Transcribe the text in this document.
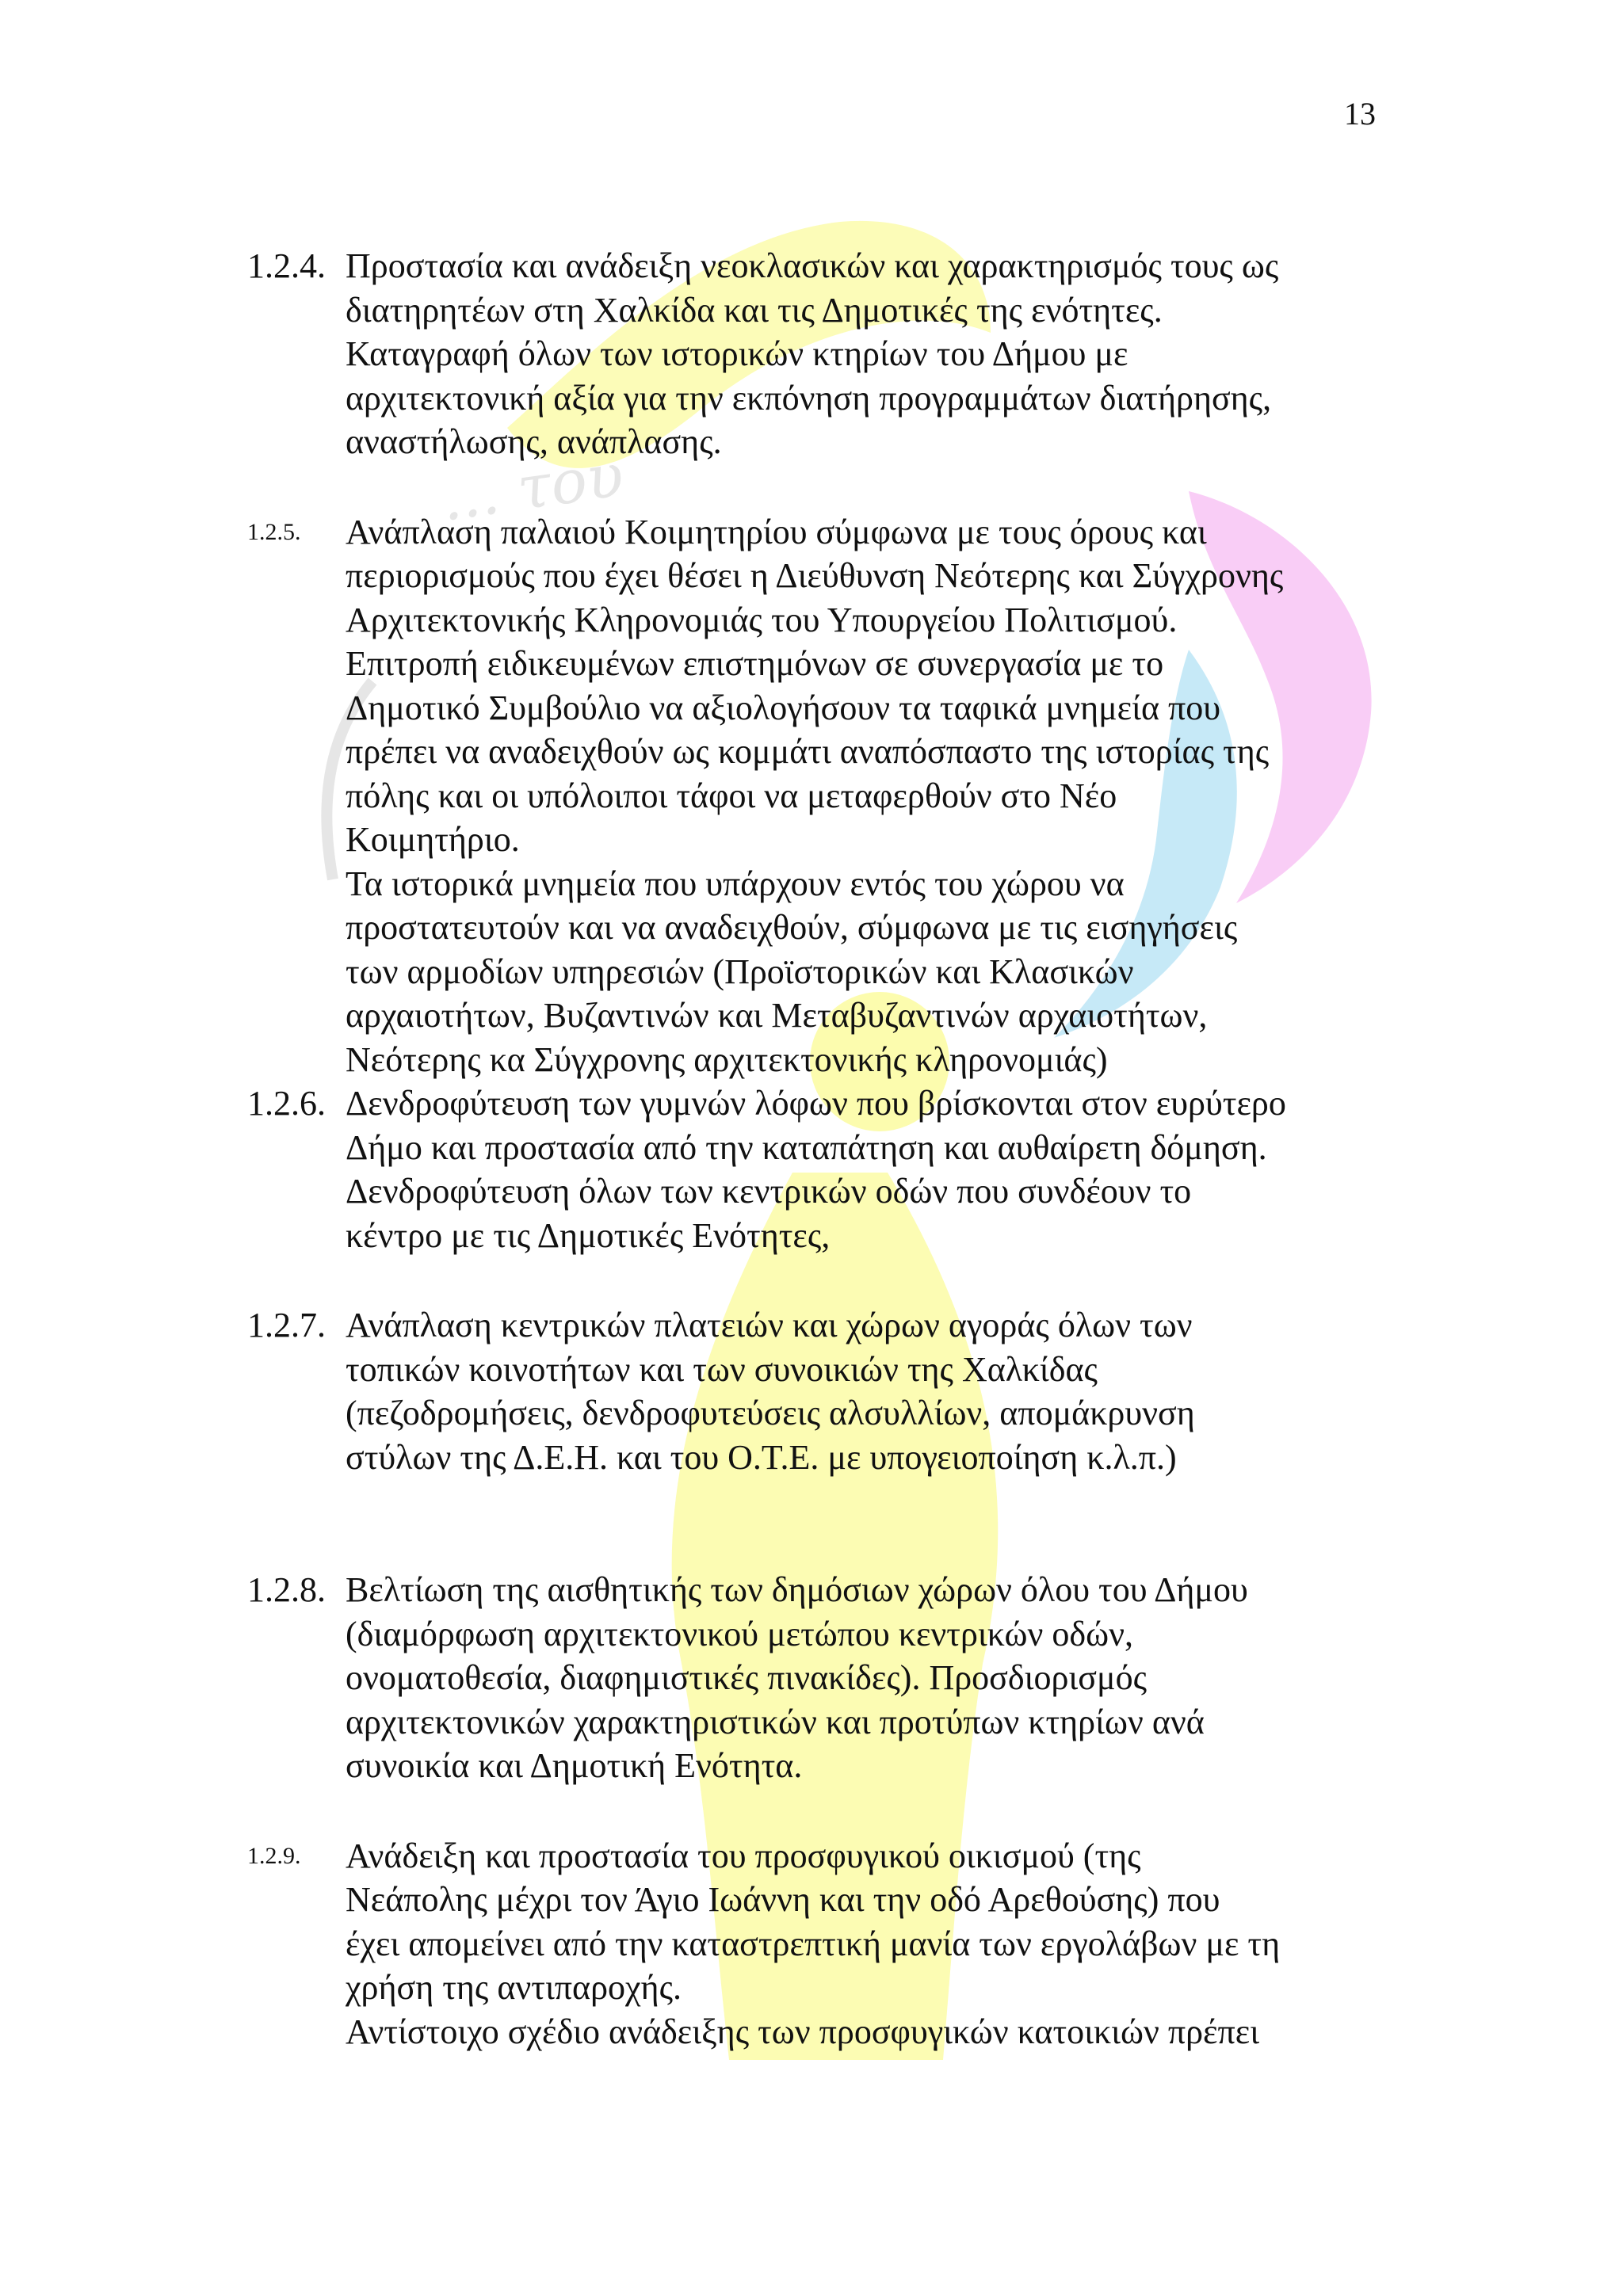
... του
13
1.2.4. Προστασία και ανάδειξη νεοκλασικών και χαρακτηρισμός τους ως
διατηρητέων στη Χαλκίδα και τις Δημοτικές της ενότητες.
Καταγραφή όλων των ιστορικών κτηρίων του Δήμου με
αρχιτεκτονική αξία για την εκπόνηση προγραμμάτων διατήρησης,
αναστήλωσης, ανάπλασης.
1.2.5.	Ανάπλαση παλαιού Κοιμητηρίου σύμφωνα με τους όρους και
περιορισμούς που έχει θέσει η Διεύθυνση Νεότερης και Σύγχρονης
Αρχιτεκτονικής Κληρονομιάς του Υπουργείου Πολιτισμού.
Επιτροπή ειδικευμένων επιστημόνων σε συνεργασία με το
Δημοτικό Συμβούλιο να αξιολογήσουν τα ταφικά μνημεία που
πρέπει να αναδειχθούν ως κομμάτι αναπόσπαστο της ιστορίας της
πόλης και οι υπόλοιποι τάφοι να μεταφερθούν στο Νέο
Κοιμητήριο.
Τα ιστορικά μνημεία που υπάρχουν εντός του χώρου να
προστατευτούν και να αναδειχθούν, σύμφωνα με τις εισηγήσεις
των αρμοδίων υπηρεσιών (Προϊστορικών και Κλασικών
αρχαιοτήτων, Βυζαντινών και Μεταβυζαντινών αρχαιοτήτων,
Νεότερης κα Σύγχρονης αρχιτεκτονικής κληρονομιάς)
1.2.6. Δενδροφύτευση των γυμνών λόφων που βρίσκονται στον ευρύτερο
Δήμο και προστασία από την καταπάτηση και αυθαίρετη δόμηση.
Δενδροφύτευση όλων των κεντρικών οδών που συνδέουν το
κέντρο με τις Δημοτικές Ενότητες,
1.2.7. Ανάπλαση κεντρικών πλατειών και χώρων αγοράς όλων των
τοπικών κοινοτήτων και των συνοικιών της Χαλκίδας
(πεζοδρομήσεις, δενδροφυτεύσεις αλσυλλίων, απομάκρυνση
στύλων της Δ.Ε.Η. και του Ο.Τ.Ε. με υπογειοποίηση κ.λ.π.)
1.2.8. Βελτίωση της αισθητικής των δημόσιων χώρων όλου του Δήμου
(διαμόρφωση αρχιτεκτονικού μετώπου κεντρικών οδών,
ονοματοθεσία, διαφημιστικές πινακίδες). Προσδιορισμός
αρχιτεκτονικών χαρακτηριστικών και προτύπων κτηρίων ανά
συνοικία και Δημοτική Ενότητα.
1.2.9.	Ανάδειξη και προστασία του προσφυγικού οικισμού (της
Νεάπολης μέχρι τον Άγιο Ιωάννη και την οδό Αρεθούσης) που
έχει απομείνει από την καταστρεπτική μανία των εργολάβων με τη
χρήση της αντιπαροχής.
Αντίστοιχο σχέδιο ανάδειξης των προσφυγικών κατοικιών πρέπει
